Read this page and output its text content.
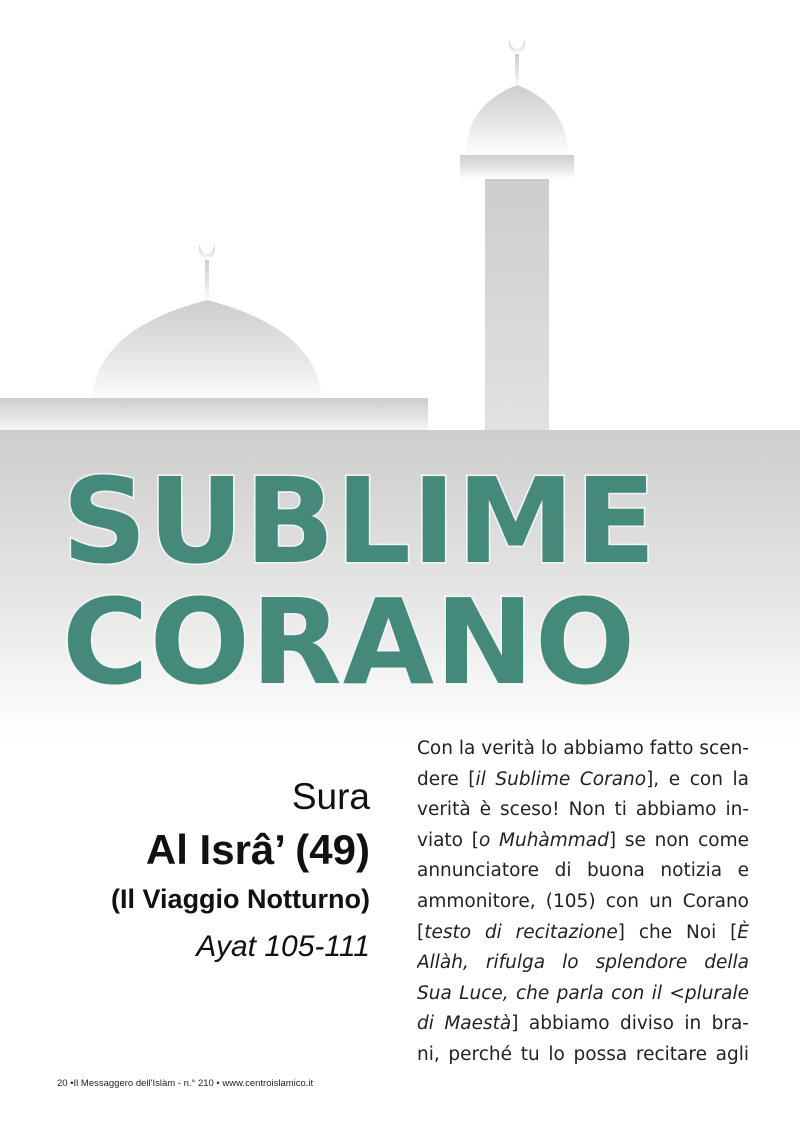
SUBLIME
CORANO
Sura
Al Isrâ’ (49)
(Il Viaggio Notturno)
Ayat 105-111
Con la verità lo abbiamo fatto scen-
dere [il Sublime Corano], e con la
verità è sceso! Non ti abbiamo in-
viato [o Muhàmmad] se non come
annunciatore di buona notizia e
ammonitore, (105) con un Corano
[testo di recitazione] che Noi [È
Allàh, rifulga lo splendore della
Sua Luce, che parla con il <plurale
di Maestà] abbiamo diviso in bra-
ni, perché tu lo possa recitare agli
20 •Il Messaggero dell'Islàm - n.° 210 • www.centroislamico.it
